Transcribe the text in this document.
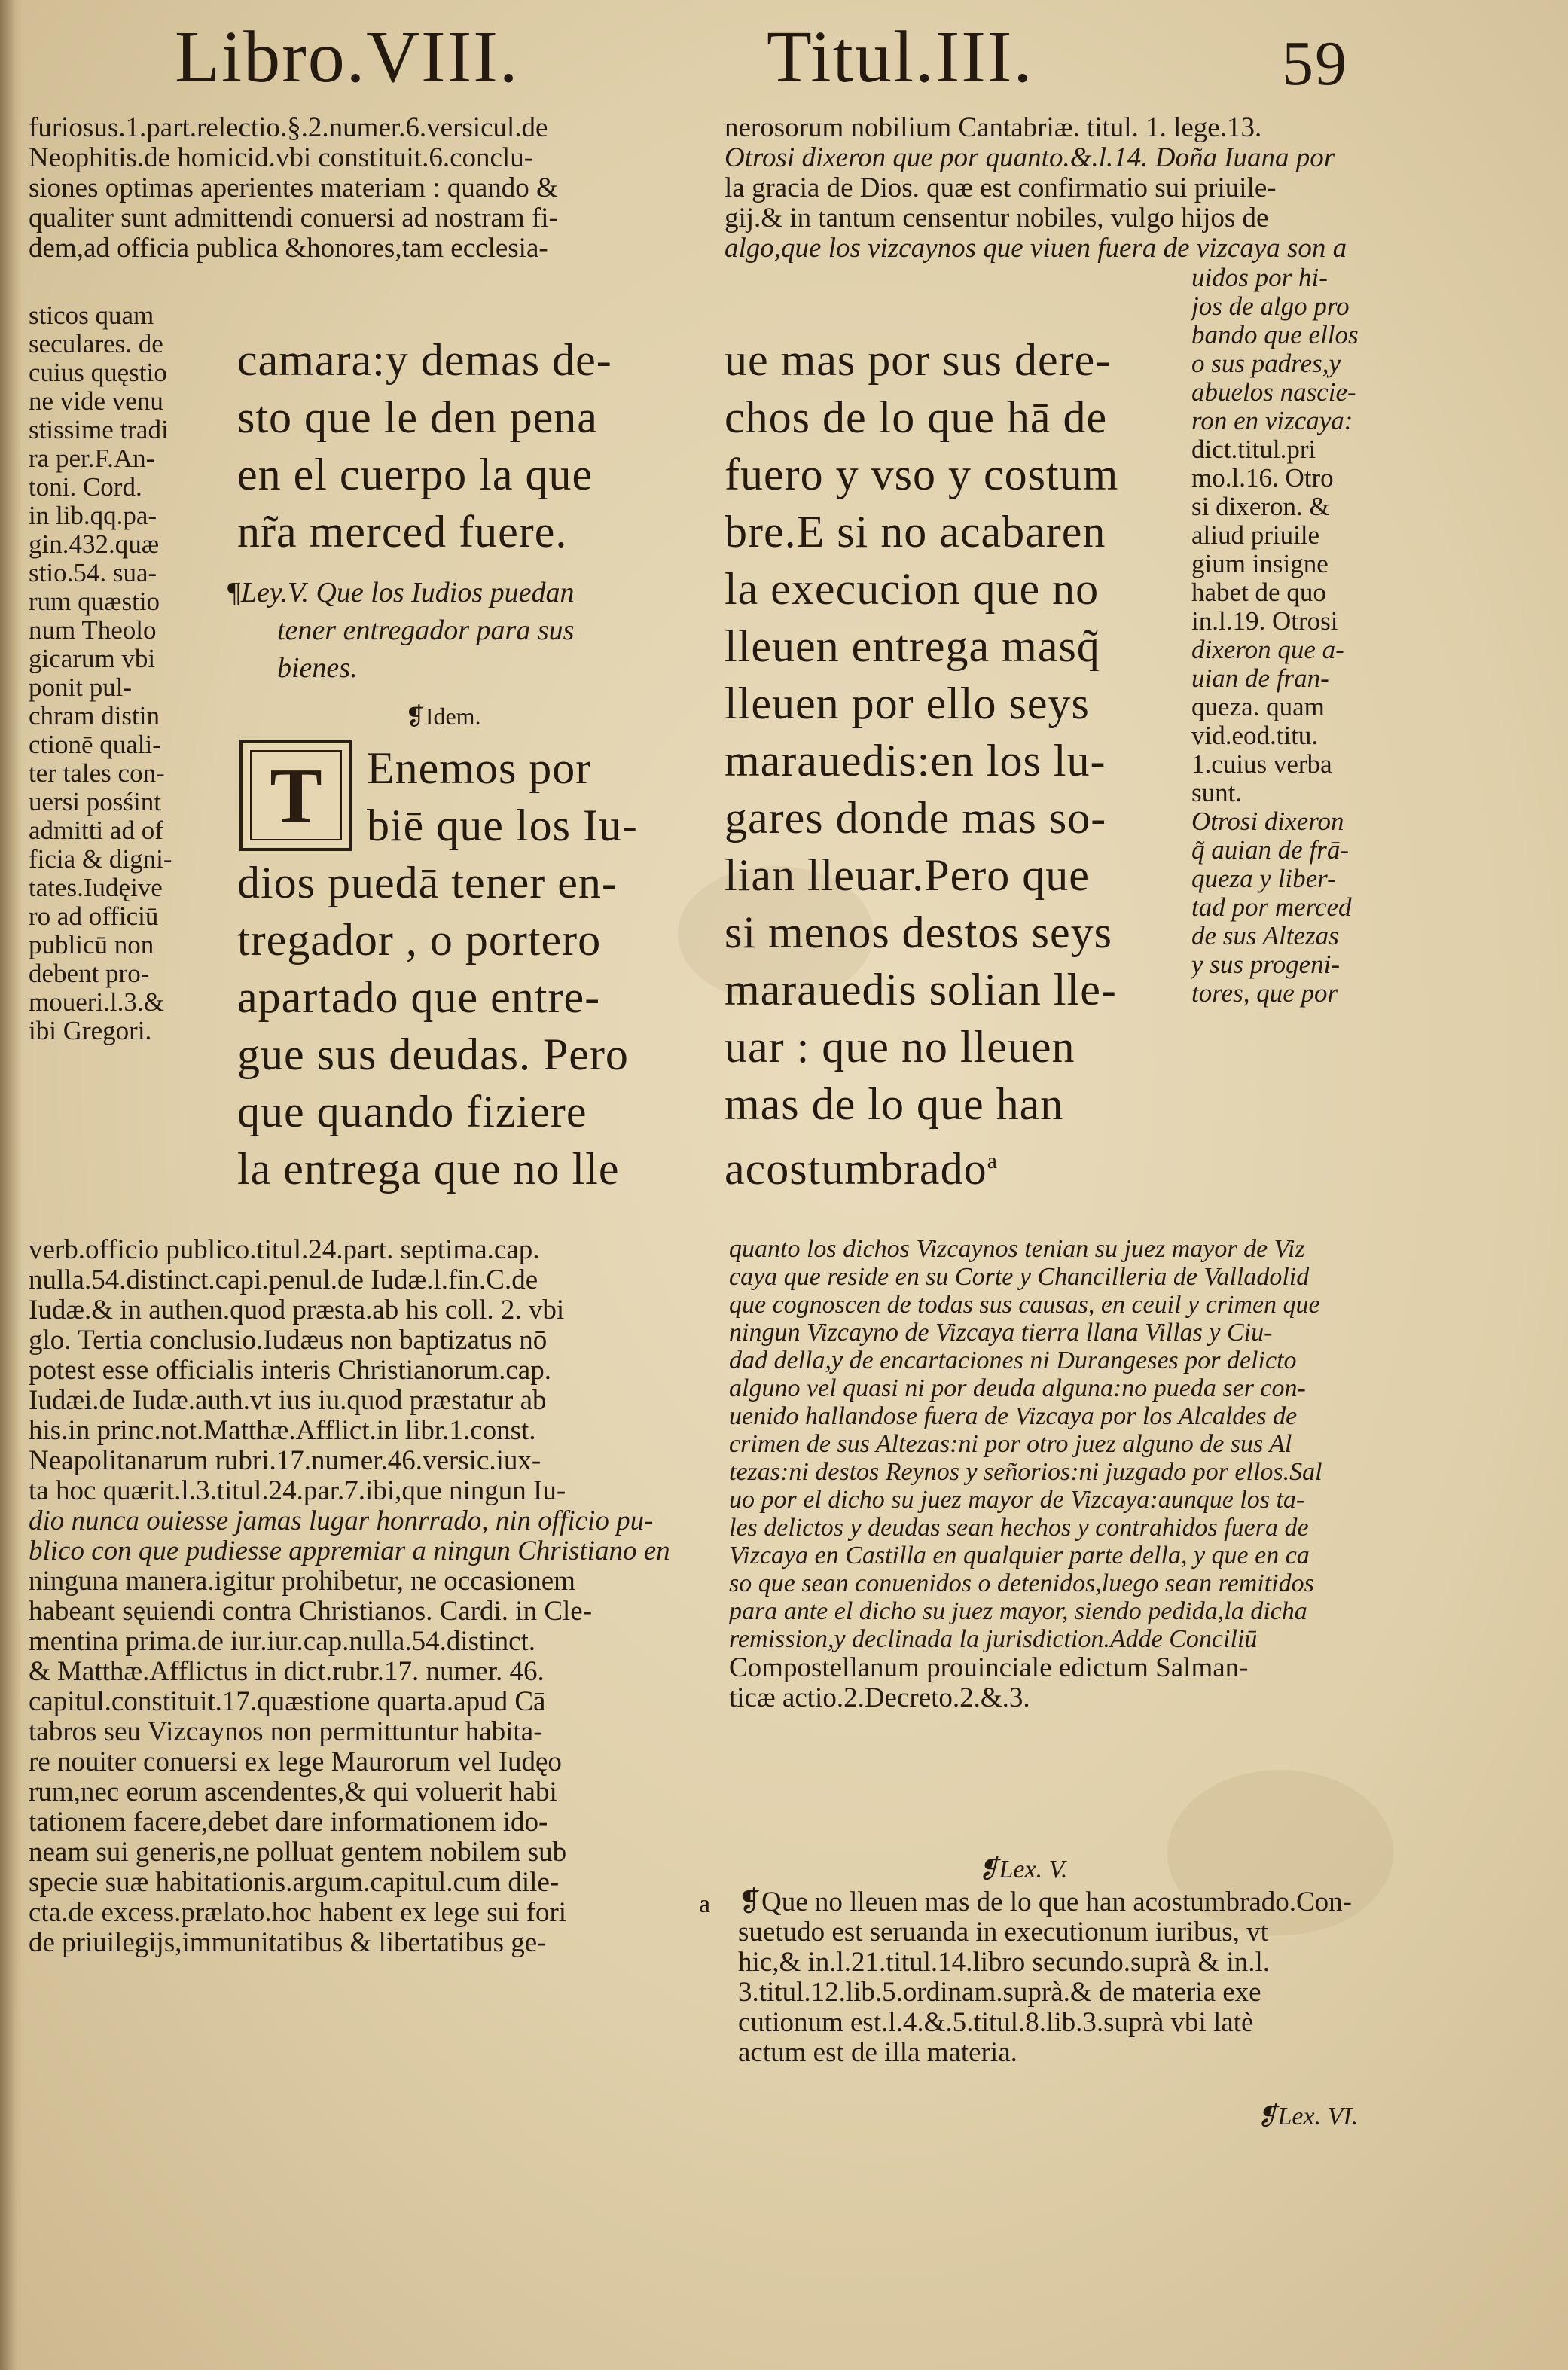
Libro.VIII.	Titul.III.	59
furiosus.1.part.relectio.§.2.numer.6.versicul.de
Neophitis.de homicid.vbi constituit.6.conclu-
siones optimas aperientes materiam : quando &
qualiter sunt admittendi conuersi ad nostram fi-
dem,ad officia publica &honores,tam ecclesia-
sticos quam
seculares. de
cuius quęstio
ne vide venu
stissime tradi
ra per.F.An-
toni. Cord.
in lib.qq.pa-
gin.432.quæ
stio.54. sua-
rum quæstio
num Theolo
gicarum vbi
ponit pul-
chram distin
ctionē quali-
ter tales con-
uersi posśint
admitti ad of
ficia & digni-
tates.Iudęive
ro ad officiū
publicū non
debent pro-
moueri.l.3.&
ibi Gregori.
camara:y demas de-
sto que le den pena
en el cuerpo la que
nr̃a merced fuere.
¶Ley.V. Que los Iudios puedan
tener entregador para sus
bienes.
❡Idem.
T Enemos por
biē que los Iu-
dios puedā tener en-
tregador , o portero
apartado que entre-
gue sus deudas. Pero
que quando fiziere
la entrega que no lle
verb.officio publico.titul.24.part. septima.cap.
nulla.54.distinct.capi.penul.de Iudæ.l.fin.C.de
Iudæ.& in authen.quod præsta.ab his coll. 2. vbi
glo. Tertia conclusio.Iudæus non baptizatus nō
potest esse officialis interis Christianorum.cap.
Iudæi.de Iudæ.auth.vt ius iu.quod præstatur ab
his.in princ.not.Matthæ.Afflict.in libr.1.const.
Neapolitanarum rubri.17.numer.46.versic.iux-
ta hoc quærit.l.3.titul.24.par.7.ibi,que ningun Iu-
dio nunca ouiesse jamas lugar honrrado, nin officio pu-
blico con que pudiesse appremiar a ningun Christiano en
ninguna manera.igitur prohibetur, ne occasionem
habeant sęuiendi contra Christianos. Cardi. in Cle-
mentina prima.de iur.iur.cap.nulla.54.distinct.
& Matthæ.Afflictus in dict.rubr.17. numer. 46.
capitul.constituit.17.quæstione quarta.apud Cā
tabros seu Vizcaynos non permittuntur habita-
re nouiter conuersi ex lege Maurorum vel Iudęo
rum,nec eorum ascendentes,& qui voluerit habi
tationem facere,debet dare informationem ido-
neam sui generis,ne polluat gentem nobilem sub
specie suæ habitationis.argum.capitul.cum dile-
cta.de excess.prælato.hoc habent ex lege sui fori
de priuilegijs,immunitatibus & libertatibus ge-
nerosorum nobilium Cantabriæ. titul. 1. lege.13.
Otrosi dixeron que por quanto.&.l.14. Doña Iuana por
la gracia de Dios. quæ est confirmatio sui priuile-
gij.& in tantum censentur nobiles, vulgo hijos de
algo,que los vizcaynos que viuen fuera de vizcaya son a
ue mas por sus dere-
chos de lo que hā de
fuero y vso y costum
bre.E si no acabaren
la execucion que no
lleuen entrega masq̃
lleuen por ello seys
marauedis:en los lu-
gares donde mas so-
lian lleuar.Pero que
si menos destos seys
marauedis solian lle-
uar : que no lleuen
mas de lo que han
acostumbrado$^a$
uidos por hi-
jos de algo pro
bando que ellos
o sus padres,y
abuelos nascie-
ron en vizcaya:
dict.titul.pri
mo.l.16. Otro
si dixeron. &
aliud priuile
gium insigne
habet de quo
in.l.19. Otrosi
dixeron que a-
uian de fran-
queza. quam
vid.eod.titu.
1.cuius verba
sunt.
Otrosi dixeron
q̃ auian de frā-
queza y liber-
tad por merced
de sus Altezas
y sus progeni-
tores, que por
quanto los dichos Vizcaynos tenian su juez mayor de Viz
caya que reside en su Corte y Chancilleria de Valladolid
que cognoscen de todas sus causas, en ceuil y crimen que
ningun Vizcayno de Vizcaya tierra llana Villas y Ciu-
dad della,y de encartaciones ni Durangeses por delicto
alguno vel quasi ni por deuda alguna:no pueda ser con-
uenido hallandose fuera de Vizcaya por los Alcaldes de
crimen de sus Altezas:ni por otro juez alguno de sus Al
tezas:ni destos Reynos y señorios:ni juzgado por ellos.Sal
uo por el dicho su juez mayor de Vizcaya:aunque los ta-
les delictos y deudas sean hechos y contrahidos fuera de
Vizcaya en Castilla en qualquier parte della, y que en ca
so que sean conuenidos o detenidos,luego sean remitidos
para ante el dicho su juez mayor, siendo pedida,la dicha
remission,y declinada la jurisdiction.Adde Conciliū
Compostellanum prouinciale edictum Salman-
ticæ actio.2.Decreto.2.&.3.
❡Lex. V.
a ❡Que no lleuen mas de lo que han acostumbrado.Con-
suetudo est seruanda in executionum iuribus, vt
hic,& in.l.21.titul.14.libro secundo.suprà & in.l.
3.titul.12.lib.5.ordinam.suprà.& de materia exe
cutionum est.l.4.&.5.titul.8.lib.3.suprà vbi latè
actum est de illa materia.
❡Lex. VI.
